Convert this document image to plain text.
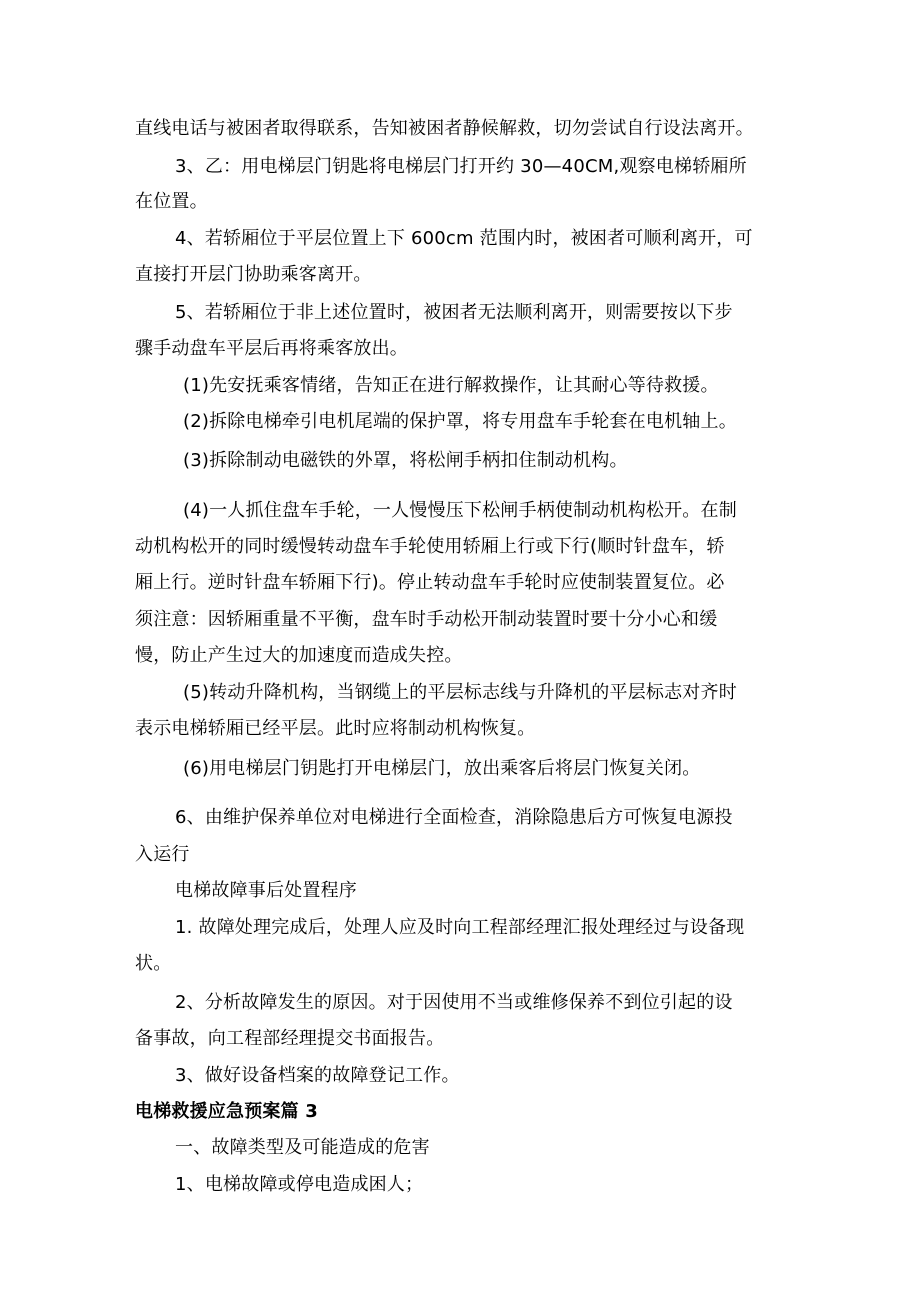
直线电话与被困者取得联系，告知被困者静候解救，切勿尝试自行设法离开。
3、乙：用电梯层门钥匙将电梯层门打开约 30—40CM,观察电梯轿厢所
在位置。
4、若轿厢位于平层位置上下 600cm 范围内时，被困者可顺利离开，可
直接打开层门协助乘客离开。
5、若轿厢位于非上述位置时，被困者无法顺利离开，则需要按以下步
骤手动盘车平层后再将乘客放出。
(1)先安抚乘客情绪，告知正在进行解救操作，让其耐心等待救援。
(2)拆除电梯牵引电机尾端的保护罩，将专用盘车手轮套在电机轴上。
(3)拆除制动电磁铁的外罩，将松闸手柄扣住制动机构。
(4)一人抓住盘车手轮，一人慢慢压下松闸手柄使制动机构松开。在制
动机构松开的同时缓慢转动盘车手轮使用轿厢上行或下行(顺时针盘车，轿
厢上行。逆时针盘车轿厢下行)。停止转动盘车手轮时应使制装置复位。必
须注意：因轿厢重量不平衡，盘车时手动松开制动装置时要十分小心和缓
慢，防止产生过大的加速度而造成失控。
(5)转动升降机构，当钢缆上的平层标志线与升降机的平层标志对齐时
表示电梯轿厢已经平层。此时应将制动机构恢复。
(6)用电梯层门钥匙打开电梯层门，放出乘客后将层门恢复关闭。
6、由维护保养单位对电梯进行全面检查，消除隐患后方可恢复电源投
入运行
电梯故障事后处置程序
1. 故障处理完成后，处理人应及时向工程部经理汇报处理经过与设备现
状。
2、分析故障发生的原因。对于因使用不当或维修保养不到位引起的设
备事故，向工程部经理提交书面报告。
3、做好设备档案的故障登记工作。
电梯救援应急预案篇 3
一、故障类型及可能造成的危害
1、电梯故障或停电造成困人；
